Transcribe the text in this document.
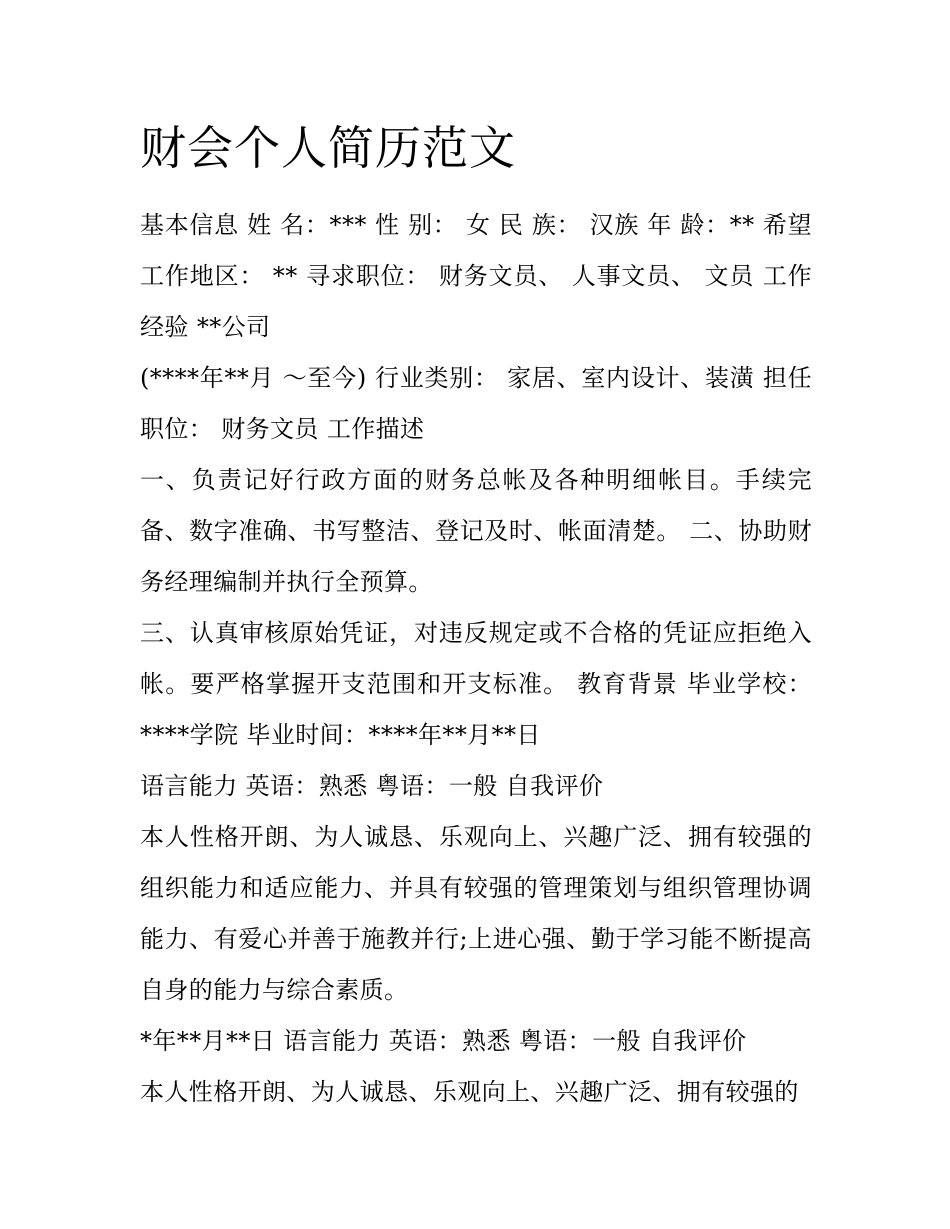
财会个人简历范文

基本信息 姓 名：*** 性 别： 女 民 族： 汉族 年 龄：** 希望工作地区： ** 寻求职位： 财务文员、 人事文员、 文员 工作经验 **公司

(****年**月 ～至今) 行业类别： 家居、室内设计、装潢 担任职位： 财务文员 工作描述

一、负责记好行政方面的财务总帐及各种明细帐目。手续完备、数字准确、书写整洁、登记及时、帐面清楚。 二、协助财务经理编制并执行全预算。

三、认真审核原始凭证，对违反规定或不合格的凭证应拒绝入帐。要严格掌握开支范围和开支标准。 教育背景 毕业学校：****学院 毕业时间：****年**月**日

语言能力 英语：熟悉 粤语：一般 自我评价

本人性格开朗、为人诚恳、乐观向上、兴趣广泛、拥有较强的组织能力和适应能力、并具有较强的管理策划与组织管理协调能力、有爱心并善于施教并行;上进心强、勤于学习能不断提高自身的能力与综合素质。

*年**月**日 语言能力 英语：熟悉 粤语：一般 自我评价

本人性格开朗、为人诚恳、乐观向上、兴趣广泛、拥有较强的
